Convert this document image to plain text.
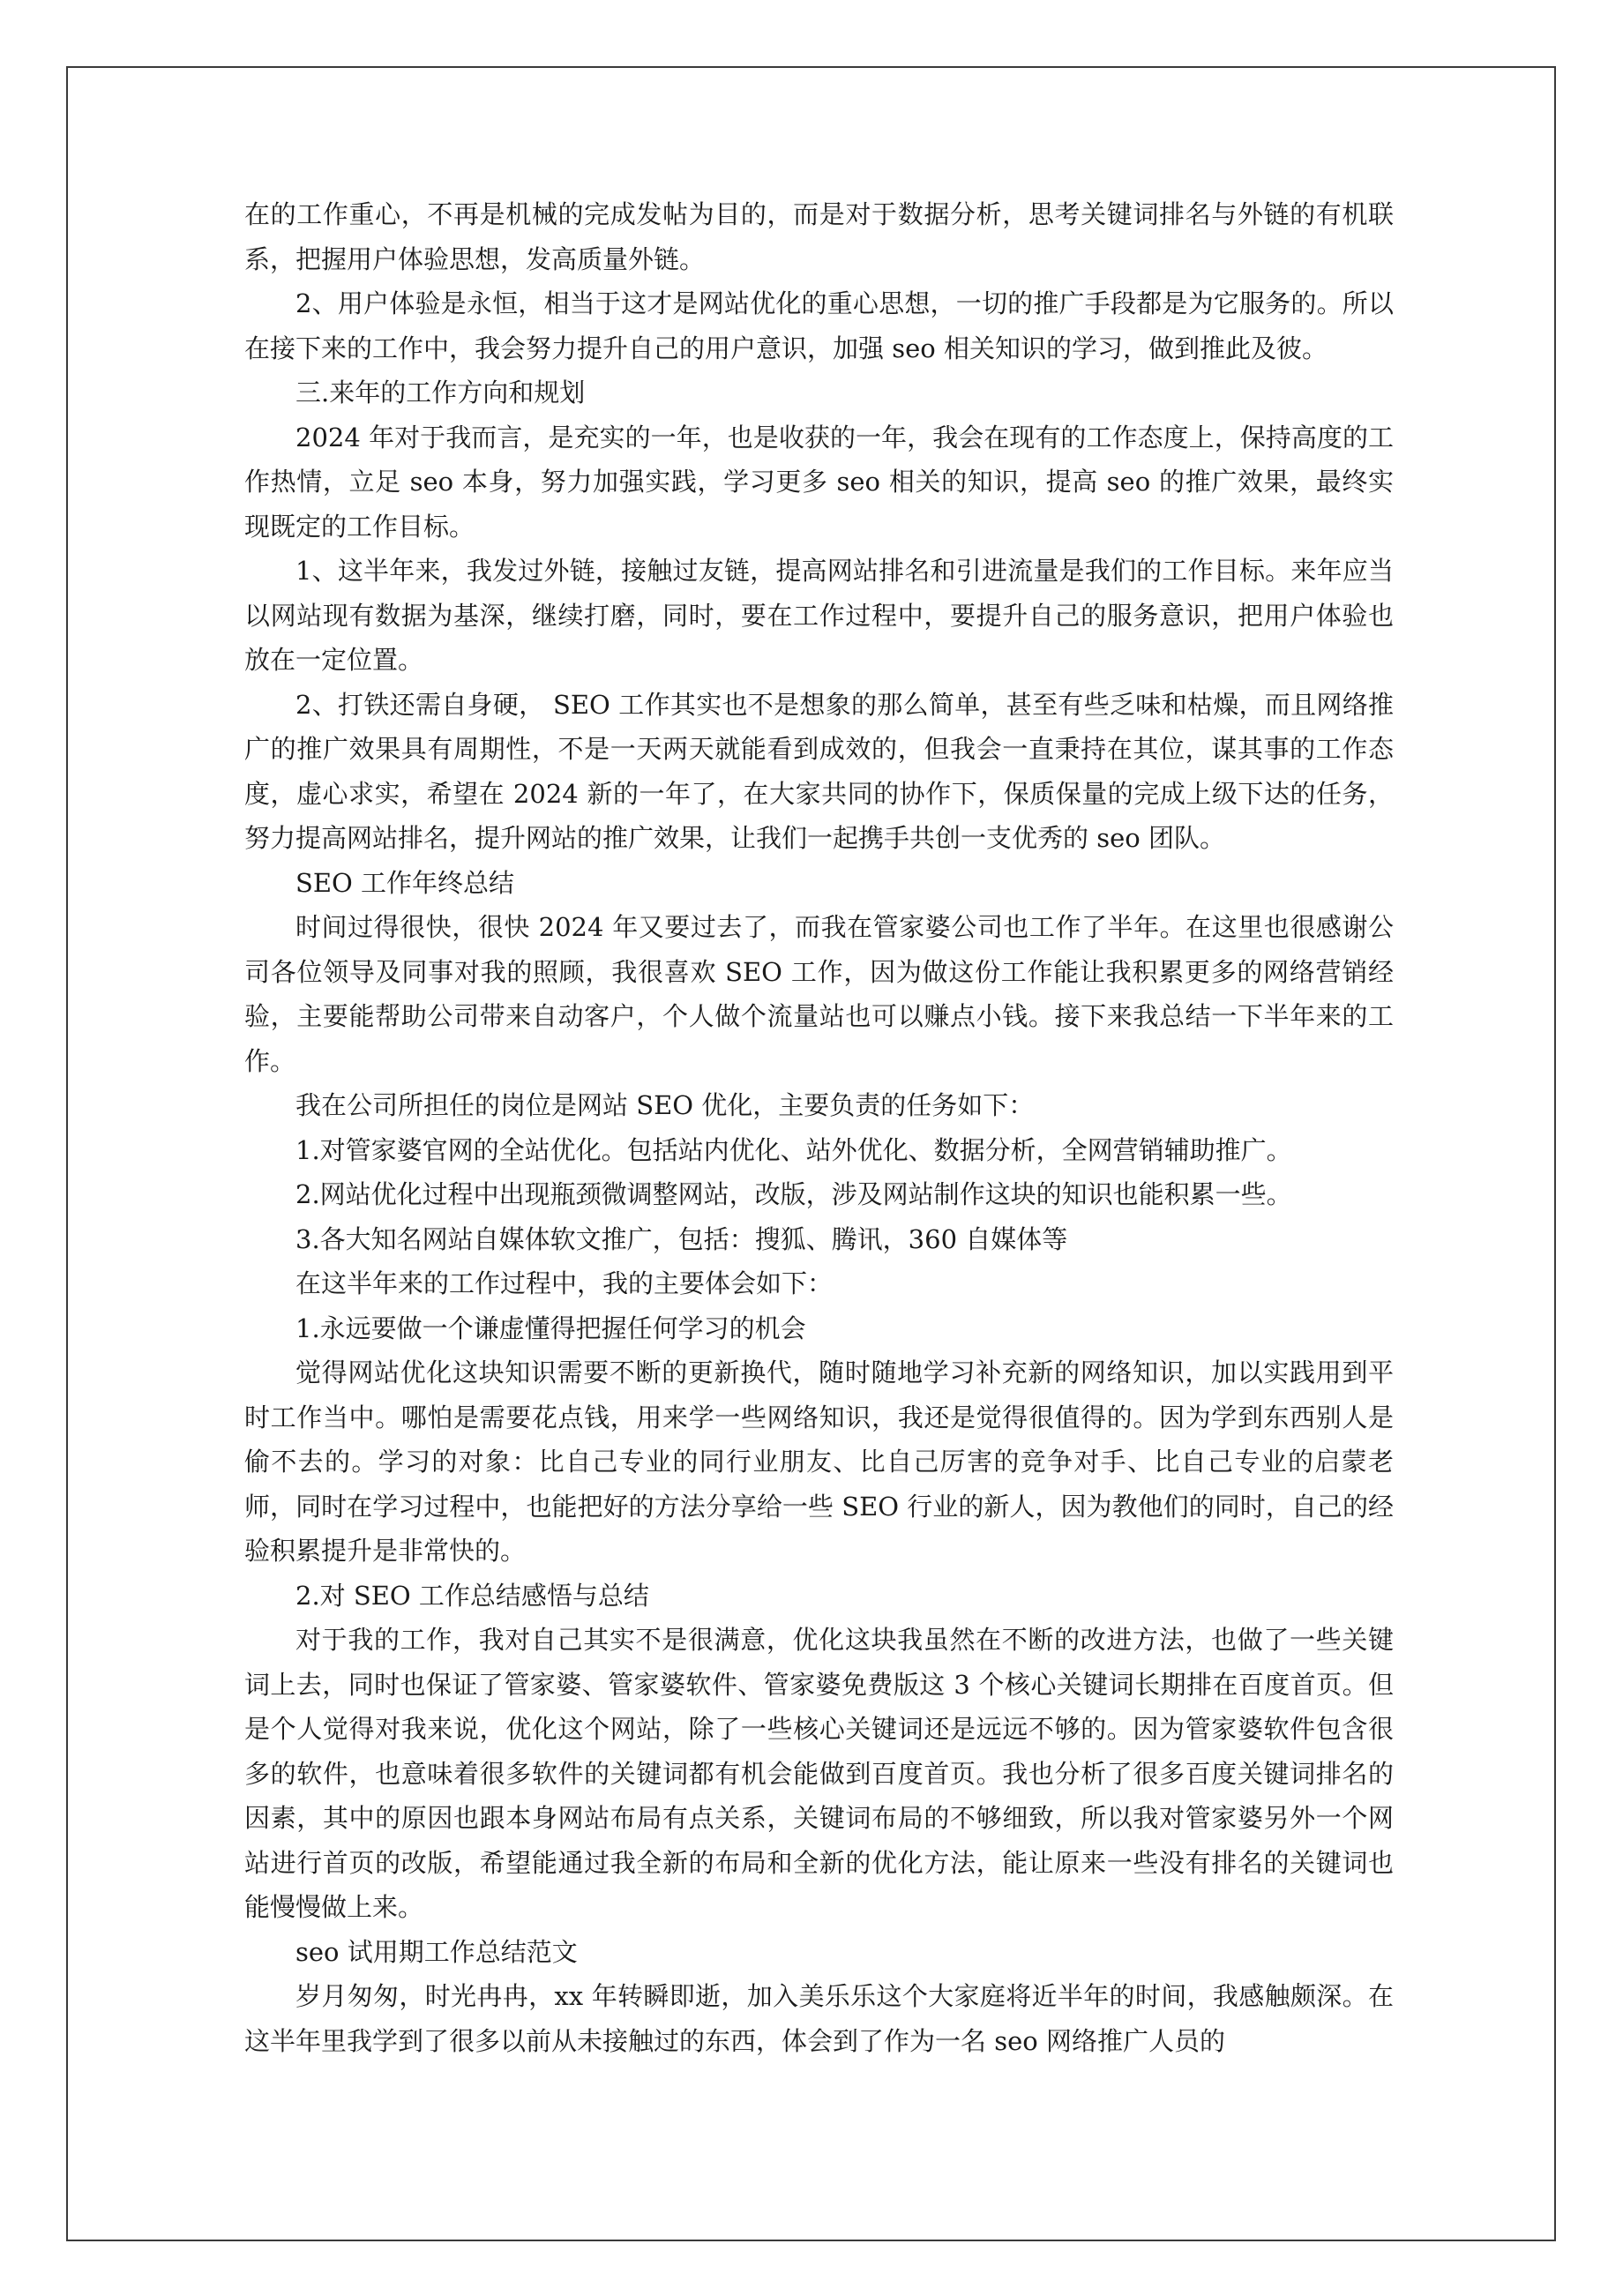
在的工作重心，不再是机械的完成发帖为目的，而是对于数据分析，思考关键词排名与外链的有机联系，把握用户体验思想，发高质量外链。

2、用户体验是永恒，相当于这才是网站优化的重心思想，一切的推广手段都是为它服务的。所以在接下来的工作中，我会努力提升自己的用户意识，加强 seo 相关知识的学习，做到推此及彼。

三.来年的工作方向和规划

2024 年对于我而言，是充实的一年，也是收获的一年，我会在现有的工作态度上，保持高度的工作热情，立足 seo 本身，努力加强实践，学习更多 seo 相关的知识，提高 seo 的推广效果，最终实现既定的工作目标。

1、这半年来，我发过外链，接触过友链，提高网站排名和引进流量是我们的工作目标。来年应当以网站现有数据为基深，继续打磨，同时，要在工作过程中，要提升自己的服务意识，把用户体验也放在一定位置。

2、打铁还需自身硬， SEO 工作其实也不是想象的那么简单，甚至有些乏味和枯燥，而且网络推广的推广效果具有周期性，不是一天两天就能看到成效的，但我会一直秉持在其位，谋其事的工作态度，虚心求实，希望在 2024 新的一年了，在大家共同的协作下，保质保量的完成上级下达的任务，努力提高网站排名，提升网站的推广效果，让我们一起携手共创一支优秀的 seo 团队。

SEO 工作年终总结

时间过得很快，很快 2024 年又要过去了，而我在管家婆公司也工作了半年。在这里也很感谢公司各位领导及同事对我的照顾，我很喜欢 SEO 工作，因为做这份工作能让我积累更多的网络营销经验，主要能帮助公司带来自动客户，个人做个流量站也可以赚点小钱。接下来我总结一下半年来的工作。

我在公司所担任的岗位是网站 SEO 优化，主要负责的任务如下：

1.对管家婆官网的全站优化。包括站内优化、站外优化、数据分析，全网营销辅助推广。

2.网站优化过程中出现瓶颈微调整网站，改版，涉及网站制作这块的知识也能积累一些。

3.各大知名网站自媒体软文推广，包括：搜狐、腾讯，360 自媒体等

在这半年来的工作过程中，我的主要体会如下：

1.永远要做一个谦虚懂得把握任何学习的机会

觉得网站优化这块知识需要不断的更新换代，随时随地学习补充新的网络知识，加以实践用到平时工作当中。哪怕是需要花点钱，用来学一些网络知识，我还是觉得很值得的。因为学到东西别人是偷不去的。学习的对象：比自己专业的同行业朋友、比自己厉害的竞争对手、比自己专业的启蒙老师，同时在学习过程中，也能把好的方法分享给一些 SEO 行业的新人，因为教他们的同时，自己的经验积累提升是非常快的。

2.对 SEO 工作总结感悟与总结

对于我的工作，我对自己其实不是很满意，优化这块我虽然在不断的改进方法，也做了一些关键词上去，同时也保证了管家婆、管家婆软件、管家婆免费版这 3 个核心关键词长期排在百度首页。但是个人觉得对我来说，优化这个网站，除了一些核心关键词还是远远不够的。因为管家婆软件包含很多的软件，也意味着很多软件的关键词都有机会能做到百度首页。我也分析了很多百度关键词排名的因素，其中的原因也跟本身网站布局有点关系，关键词布局的不够细致，所以我对管家婆另外一个网站进行首页的改版，希望能通过我全新的布局和全新的优化方法，能让原来一些没有排名的关键词也能慢慢做上来。

seo 试用期工作总结范文

岁月匆匆，时光冉冉，xx 年转瞬即逝，加入美乐乐这个大家庭将近半年的时间，我感触颇深。在这半年里我学到了很多以前从未接触过的东西，体会到了作为一名 seo 网络推广人员的
